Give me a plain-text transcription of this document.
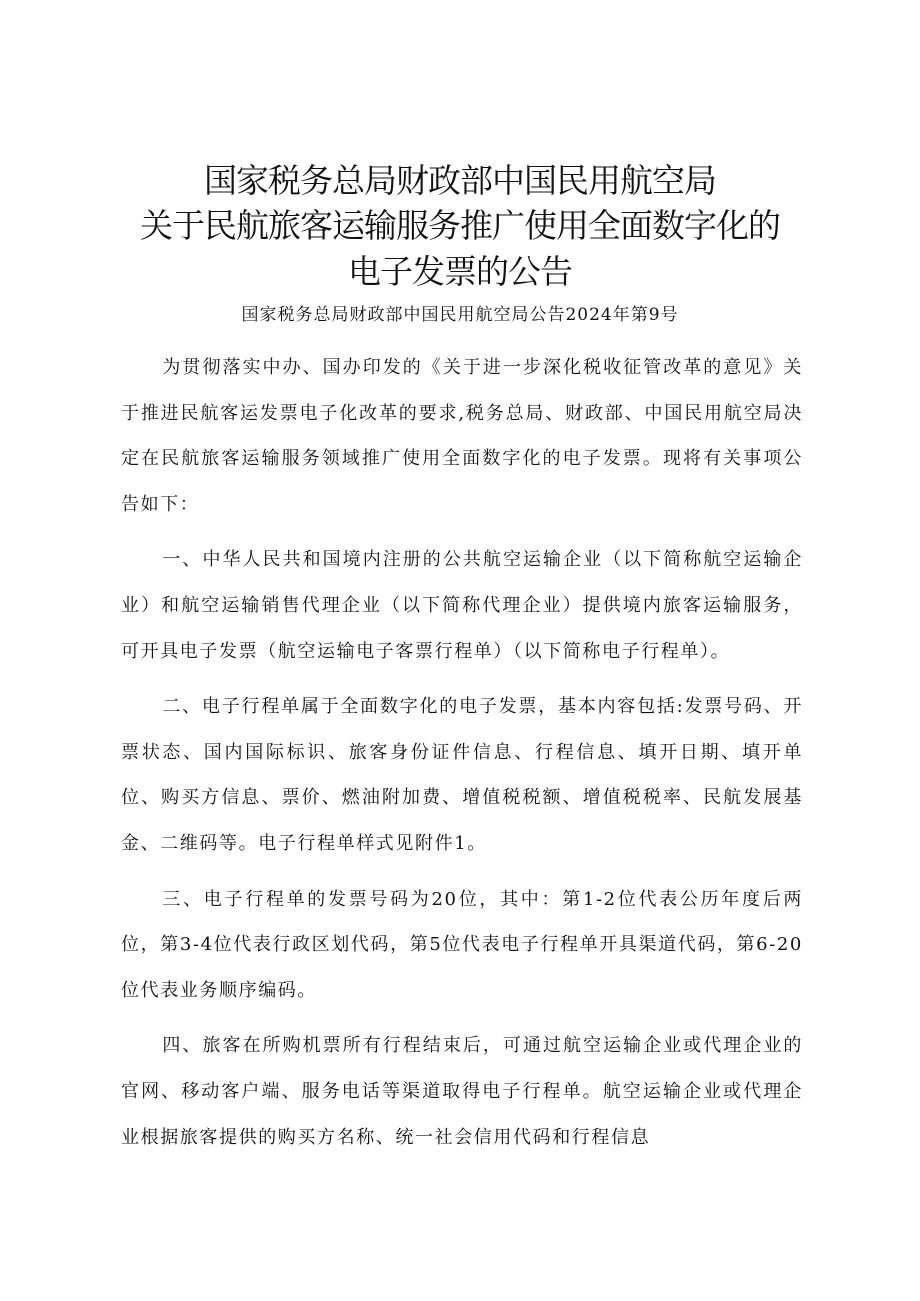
国家税务总局财政部中国民用航空局
关于民航旅客运输服务推广使用全面数字化的
电子发票的公告
国家税务总局财政部中国民用航空局公告2024年第9号

为贯彻落实中办、国办印发的《关于进一步深化税收征管改革的意见》关于推进民航客运发票电子化改革的要求,税务总局、财政部、中国民用航空局决定在民航旅客运输服务领域推广使用全面数字化的电子发票。现将有关事项公告如下：

一、中华人民共和国境内注册的公共航空运输企业（以下简称航空运输企业）和航空运输销售代理企业（以下简称代理企业）提供境内旅客运输服务，可开具电子发票（航空运输电子客票行程单）（以下简称电子行程单）。

二、电子行程单属于全面数字化的电子发票，基本内容包括:发票号码、开票状态、国内国际标识、旅客身份证件信息、行程信息、填开日期、填开单位、购买方信息、票价、燃油附加费、增值税税额、增值税税率、民航发展基金、二维码等。电子行程单样式见附件1。

三、电子行程单的发票号码为20位，其中：第1-2位代表公历年度后两位，第3-4位代表行政区划代码，第5位代表电子行程单开具渠道代码，第6-20位代表业务顺序编码。

四、旅客在所购机票所有行程结束后，可通过航空运输企业或代理企业的官网、移动客户端、服务电话等渠道取得电子行程单。航空运输企业或代理企业根据旅客提供的购买方名称、统一社会信用代码和行程信息
